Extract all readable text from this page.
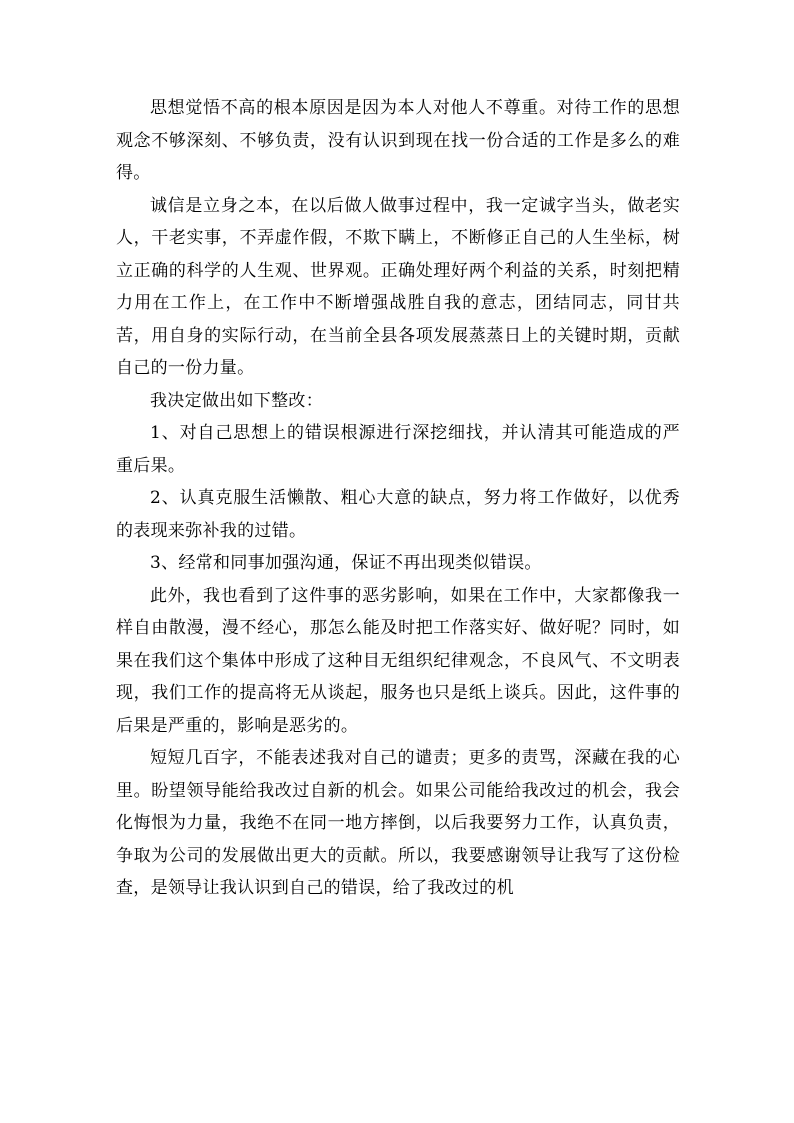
思想觉悟不高的根本原因是因为本人对他人不尊重。对待工作的思想观念不够深刻、不够负责，没有认识到现在找一份合适的工作是多么的难得。

诚信是立身之本，在以后做人做事过程中，我一定诚字当头，做老实人，干老实事，不弄虚作假，不欺下瞒上，不断修正自己的人生坐标，树立正确的科学的人生观、世界观。正确处理好两个利益的关系，时刻把精力用在工作上，在工作中不断增强战胜自我的意志，团结同志，同甘共苦，用自身的实际行动，在当前全县各项发展蒸蒸日上的关键时期，贡献自己的一份力量。

我决定做出如下整改：

1、对自己思想上的错误根源进行深挖细找，并认清其可能造成的严重后果。

2、认真克服生活懒散、粗心大意的缺点，努力将工作做好，以优秀的表现来弥补我的过错。

3、经常和同事加强沟通，保证不再出现类似错误。

此外，我也看到了这件事的恶劣影响，如果在工作中，大家都像我一样自由散漫，漫不经心，那怎么能及时把工作落实好、做好呢？同时，如果在我们这个集体中形成了这种目无组织纪律观念，不良风气、不文明表现，我们工作的提高将无从谈起，服务也只是纸上谈兵。因此，这件事的后果是严重的，影响是恶劣的。

短短几百字，不能表述我对自己的谴责；更多的责骂，深藏在我的心里。盼望领导能给我改过自新的机会。如果公司能给我改过的机会，我会化悔恨为力量，我绝不在同一地方摔倒，以后我要努力工作，认真负责，争取为公司的发展做出更大的贡献。所以，我要感谢领导让我写了这份检查，是领导让我认识到自己的错误，给了我改过的机
